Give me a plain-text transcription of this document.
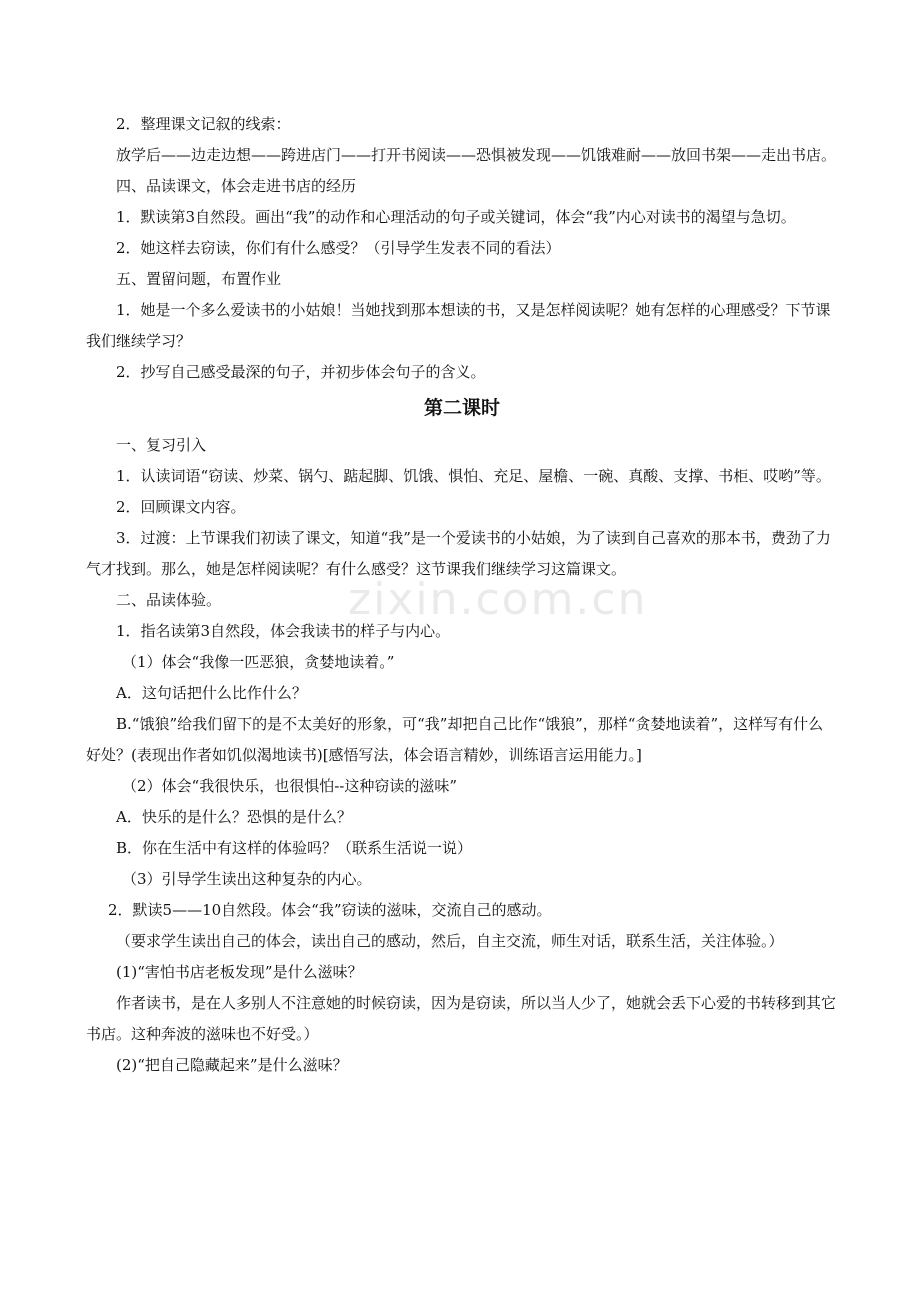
zixin.com.cn

2．整理课文记叙的线索：

放学后——边走边想——跨进店门——打开书阅读——恐惧被发现——饥饿难耐——放回书架——走出书店。

四、品读课文，体会走进书店的经历

1．默读第3自然段。画出“我”的动作和心理活动的句子或关键词，体会“我”内心对读书的渴望与急切。

2．她这样去窃读，你们有什么感受？（引导学生发表不同的看法）

五、置留问题，布置作业

1．她是一个多么爱读书的小姑娘！当她找到那本想读的书，又是怎样阅读呢？她有怎样的心理感受？下节课我们继续学习？

2．抄写自己感受最深的句子，并初步体会句子的含义。

第二课时

一、复习引入

1．认读词语“窃读、炒菜、锅勺、踮起脚、饥饿、惧怕、充足、屋檐、一碗、真酸、支撑、书柜、哎哟”等。

2．回顾课文内容。

3．过渡：上节课我们初读了课文，知道“我”是一个爱读书的小姑娘，为了读到自己喜欢的那本书，费劲了力气才找到。那么，她是怎样阅读呢？有什么感受？这节课我们继续学习这篇课文。

二、品读体验。

1．指名读第3自然段，体会我读书的样子与内心。

（1）体会“我像一匹恶狼，贪婪地读着。”

A．这句话把什么比作什么？

B.“饿狼”给我们留下的是不太美好的形象，可“我”却把自己比作“饿狼”，那样“贪婪地读着”，这样写有什么好处？(表现出作者如饥似渴地读书)[感悟写法，体会语言精妙，训练语言运用能力。]

（2）体会“我很快乐，也很惧怕--这种窃读的滋味”

A．快乐的是什么？恐惧的是什么？

B．你在生活中有这样的体验吗？（联系生活说一说）

（3）引导学生读出这种复杂的内心。

2．默读5——10自然段。体会“我”窃读的滋味，交流自己的感动。

（要求学生读出自己的体会，读出自己的感动，然后，自主交流，师生对话，联系生活，关注体验。）

(1)“害怕书店老板发现”是什么滋味？

作者读书，是在人多别人不注意她的时候窃读，因为是窃读，所以当人少了，她就会丢下心爱的书转移到其它书店。这种奔波的滋味也不好受。）

(2)“把自己隐藏起来”是什么滋味？
